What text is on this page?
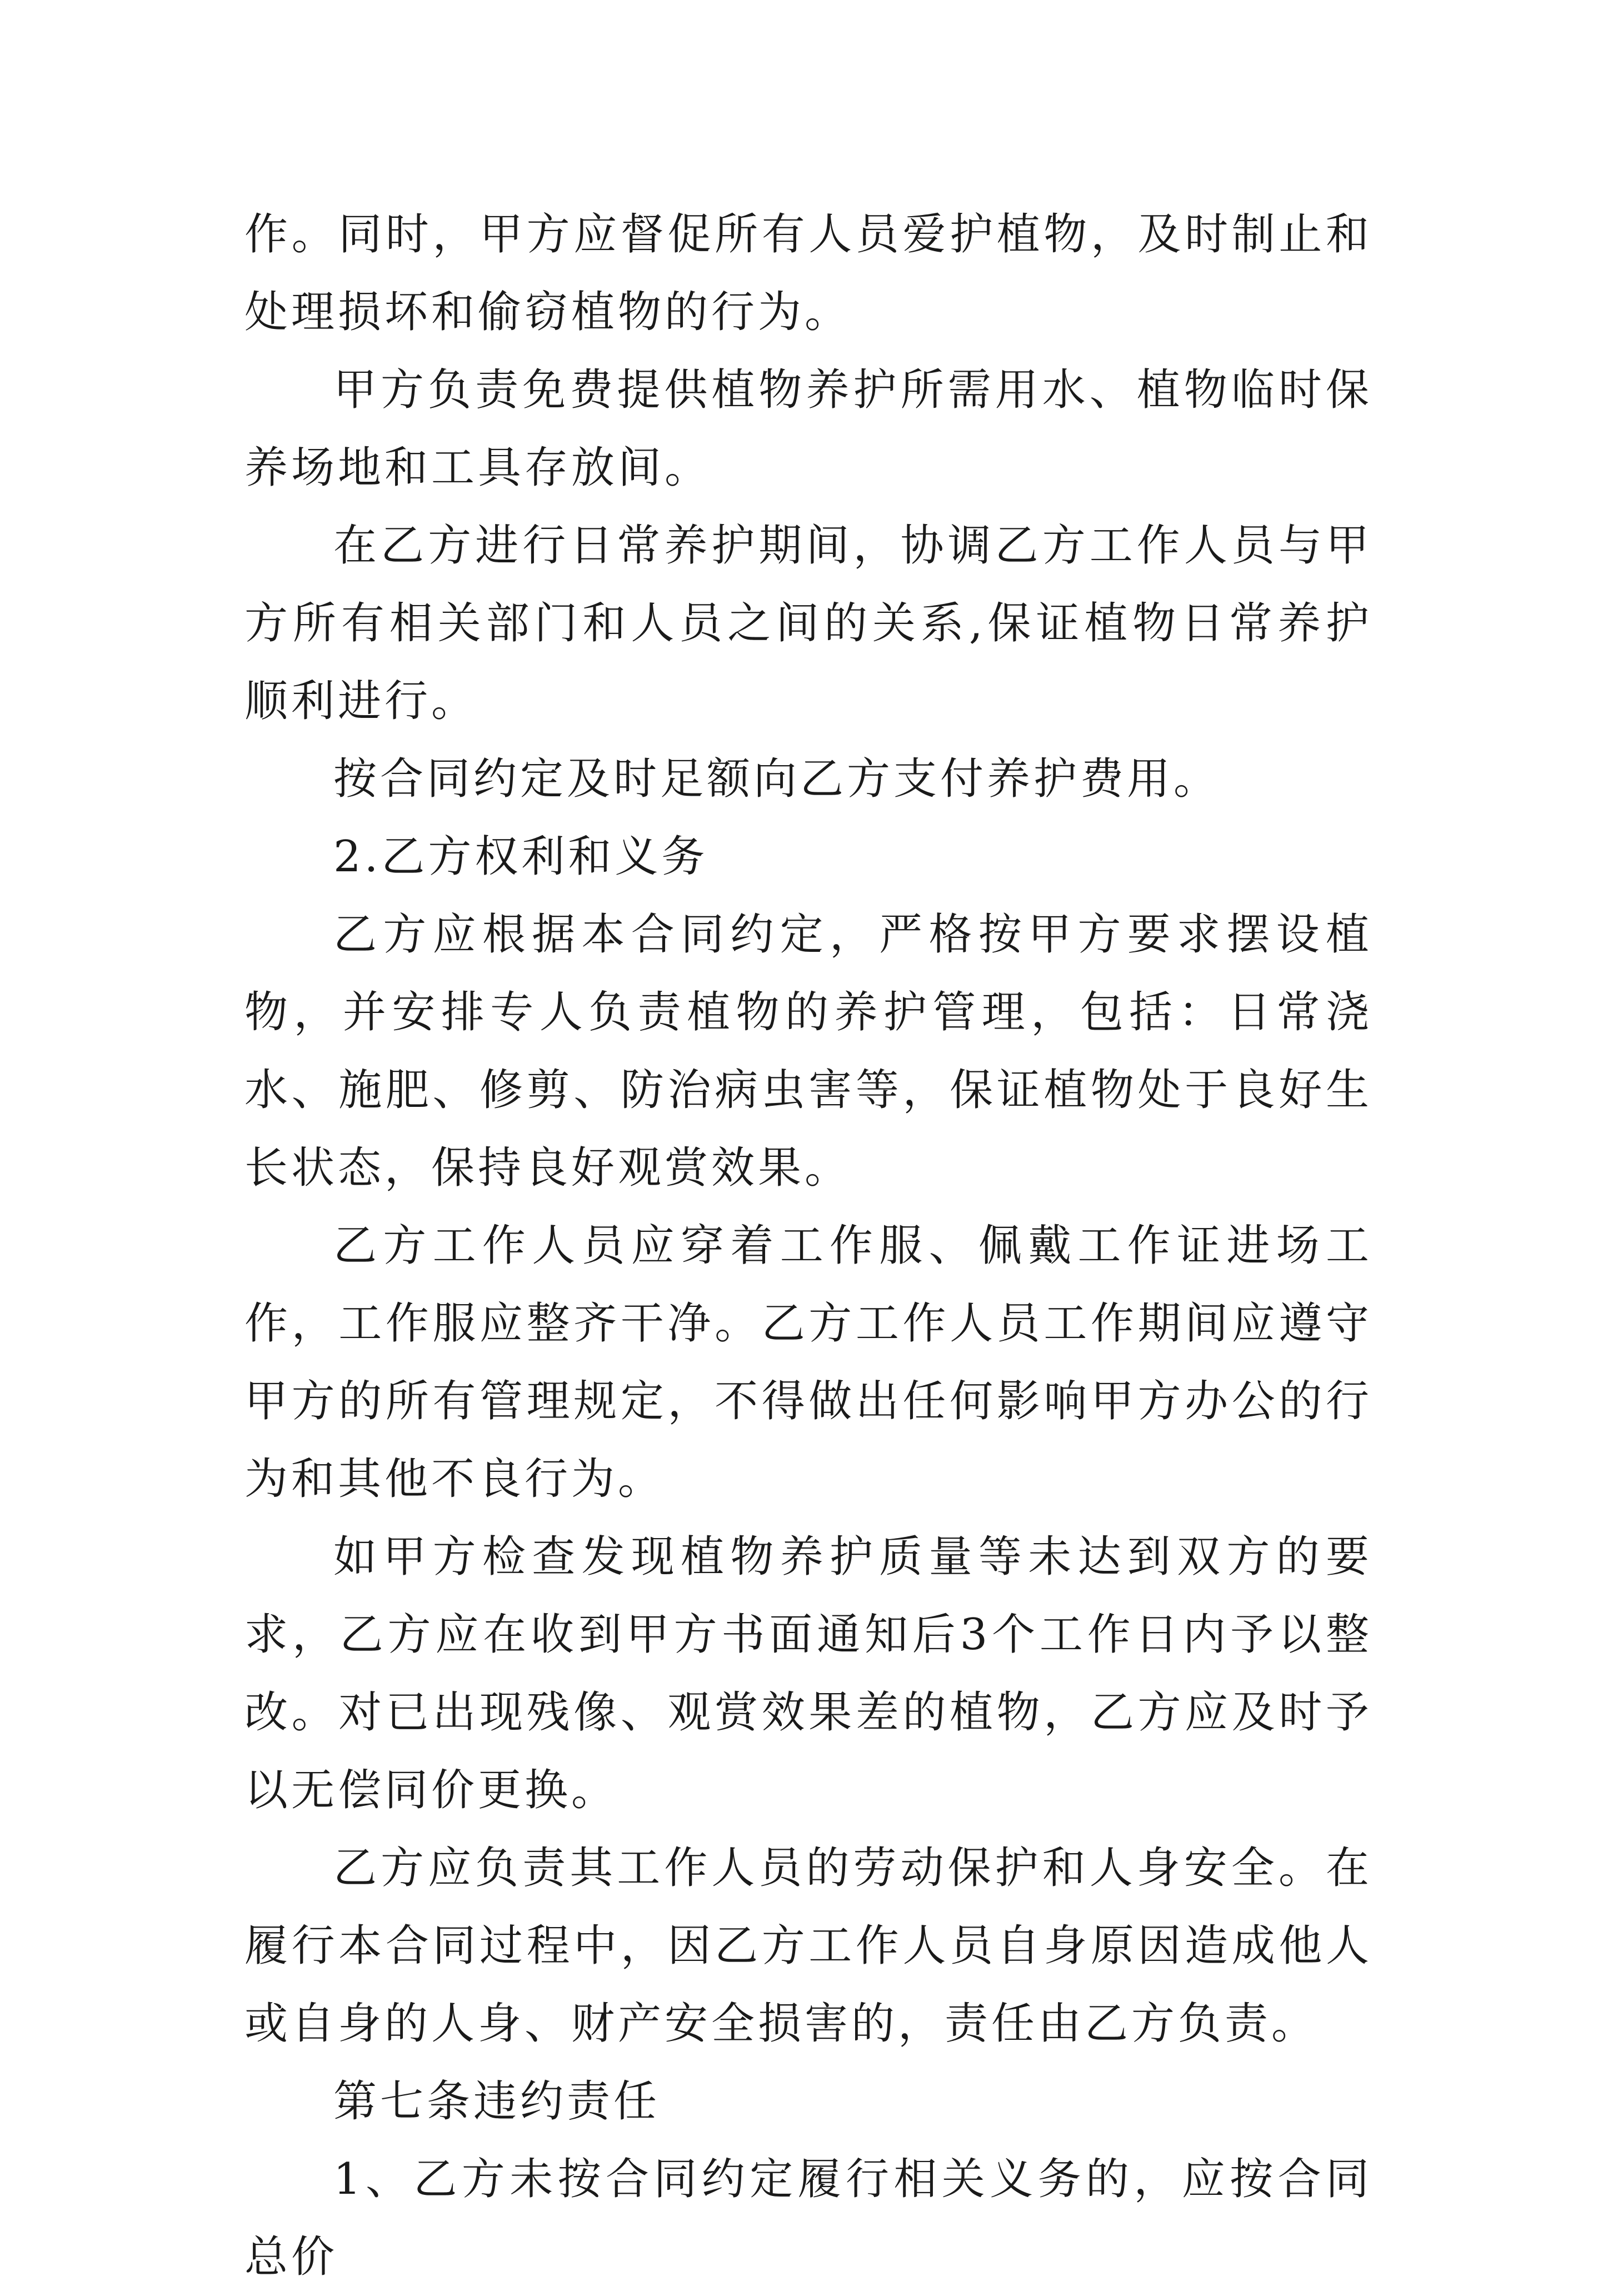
作。同时，甲方应督促所有人员爱护植物，及时制止和处理损坏和偷窃植物的行为。

甲方负责免费提供植物养护所需用水、植物临时保养场地和工具存放间。

在乙方进行日常养护期间，协调乙方工作人员与甲方所有相关部门和人员之间的关系,保证植物日常养护顺利进行。

按合同约定及时足额向乙方支付养护费用。

2.乙方权利和义务

乙方应根据本合同约定，严格按甲方要求摆设植物，并安排专人负责植物的养护管理，包括：日常浇水、施肥、修剪、防治病虫害等，保证植物处于良好生长状态，保持良好观赏效果。

乙方工作人员应穿着工作服、佩戴工作证进场工作，工作服应整齐干净。乙方工作人员工作期间应遵守甲方的所有管理规定，不得做出任何影响甲方办公的行为和其他不良行为。

如甲方检查发现植物养护质量等未达到双方的要求，乙方应在收到甲方书面通知后3个工作日内予以整改。对已出现残像、观赏效果差的植物，乙方应及时予以无偿同价更换。

乙方应负责其工作人员的劳动保护和人身安全。在履行本合同过程中，因乙方工作人员自身原因造成他人或自身的人身、财产安全损害的，责任由乙方负责。

第七条违约责任

1、乙方未按合同约定履行相关义务的，应按合同总价
